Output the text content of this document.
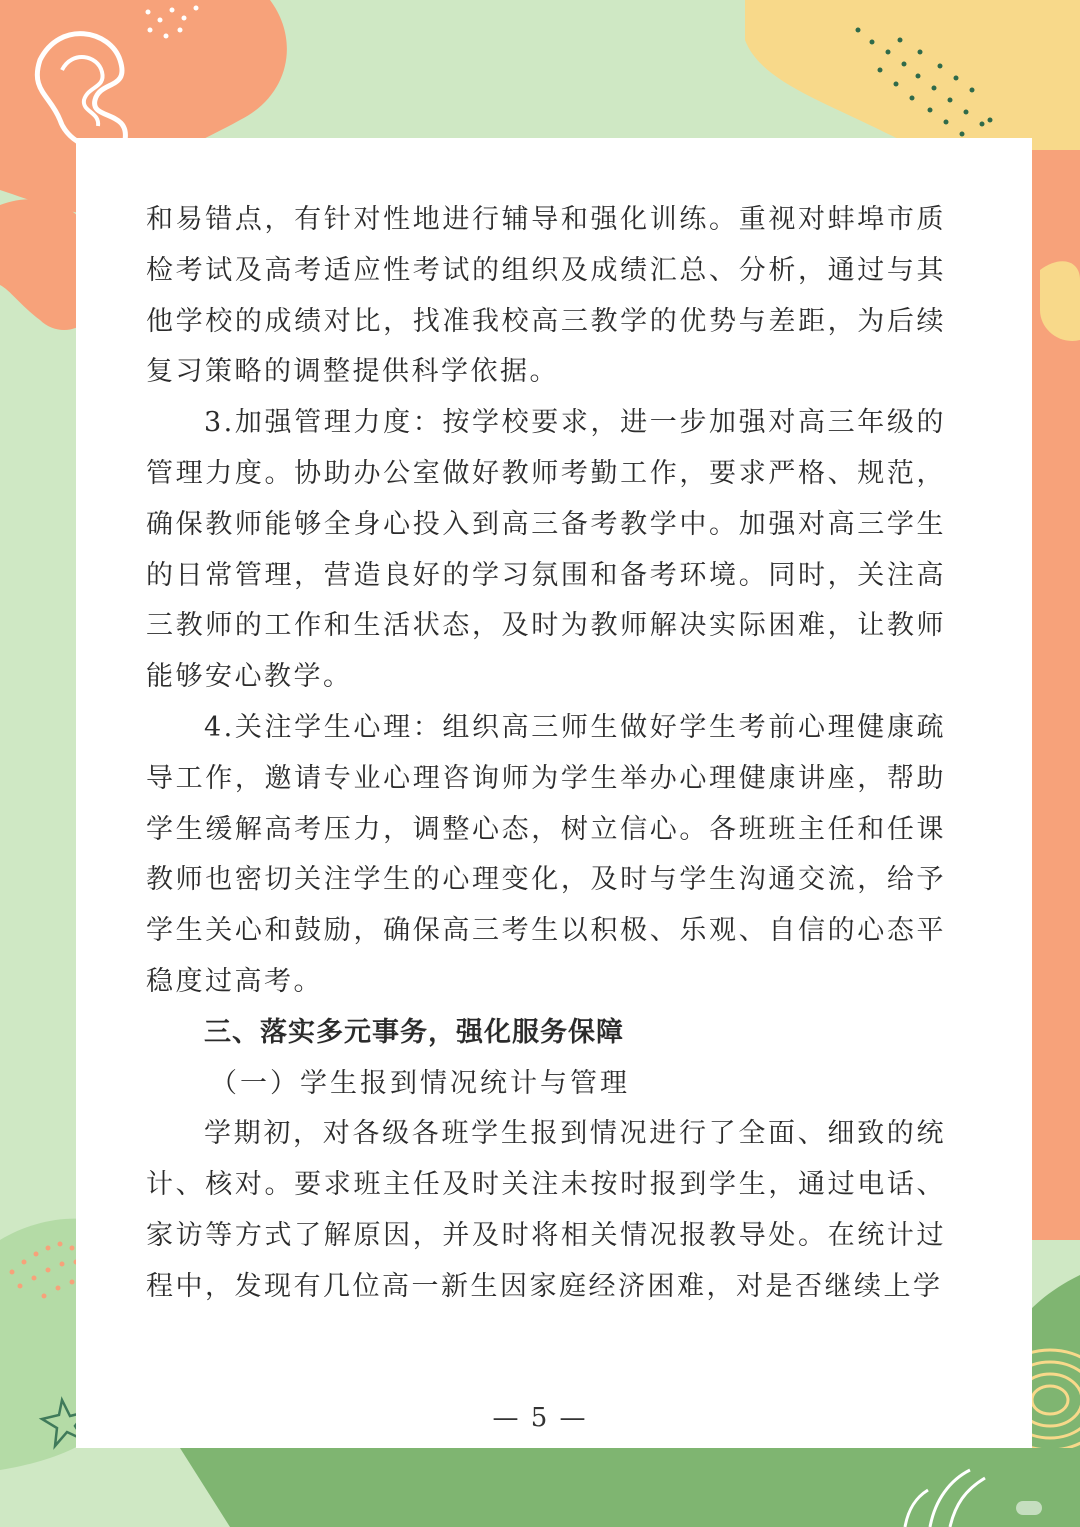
和易错点，有针对性地进行辅导和强化训练。重视对蚌埠市质检考试及高考适应性考试的组织及成绩汇总、分析，通过与其他学校的成绩对比，找准我校高三教学的优势与差距，为后续复习策略的调整提供科学依据。

3.加强管理力度：按学校要求，进一步加强对高三年级的管理力度。协助办公室做好教师考勤工作，要求严格、规范，确保教师能够全身心投入到高三备考教学中。加强对高三学生的日常管理，营造良好的学习氛围和备考环境。同时，关注高三教师的工作和生活状态，及时为教师解决实际困难，让教师能够安心教学。

4.关注学生心理：组织高三师生做好学生考前心理健康疏导工作，邀请专业心理咨询师为学生举办心理健康讲座，帮助学生缓解高考压力，调整心态，树立信心。各班班主任和任课教师也密切关注学生的心理变化，及时与学生沟通交流，给予学生关心和鼓励，确保高三考生以积极、乐观、自信的心态平稳度过高考。

三、落实多元事务，强化服务保障

（一）学生报到情况统计与管理

学期初，对各级各班学生报到情况进行了全面、细致的统计、核对。要求班主任及时关注未按时报到学生，通过电话、家访等方式了解原因，并及时将相关情况报教导处。在统计过程中，发现有几位高一新生因家庭经济困难，对是否继续上学

— 5 —
